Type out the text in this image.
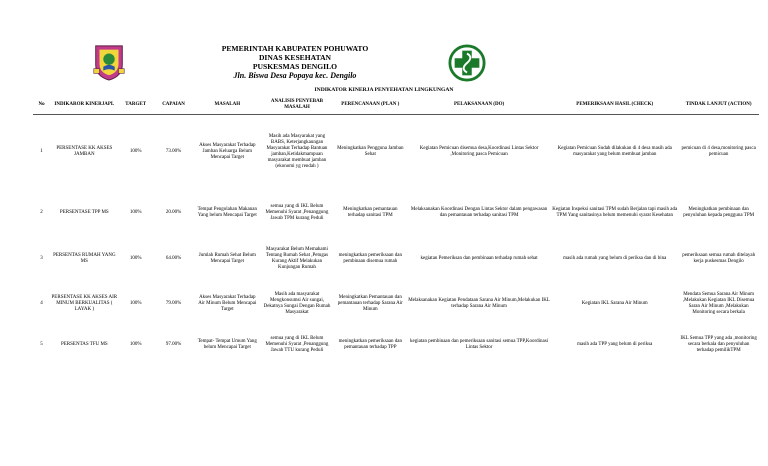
PEMERINTAH KABUPATEN POHUWATO
DINAS KESEHATAN
PUSKESMAS DENGILO
Jln. Biswa Desa Popaya kec. Dengilo
INDIKATOR KINERJA PENYEHATAN LINGKUNGAN
No	INDIKAROR KINERJAPL	TARGET	CAPAIAN	MASALAH	ANALISIS PENYEBAB MASALAH	PERENCANAAN (PLAN )	PELAKSANAAN (DO)	PEMERIKSAAN HASIL (CHECK)	TINDAK LANJUT (ACTION)
1	PERSENTASE KK AKSES JAMBAN	100%	73.00%	Akses Masyarakat Terhadap Jamban Keluarga Belum Mencapai Target	Masih ada Masyarakat yang BABS, Keterjangkaungan Masyarakat Terhadap Bantuan jamban,Ketidakmampuan masyarakat membuat jamban (ekonomi yg rendah )	Meningkatkan Pengguna Jamban Sehat	Kegiatan Pemicuan disemua desa,Koordinasi Lintas Sektor ,Monitoring pasca Pemicuan	Kegiatan Pemicuan Sudah dilakukan di 4 desa masih ada masyarakat yang belum membuat jamban	pemicuan di 4 desa,monitoring pasca pemicuan
2	PERSENTASE TPP MS	100%	20.00%	Tempat Pengolahan Makanan Yang belum Mencapai Target	semua yang di IKL Belum Memenuhi Syarat ,Penanggung Jawab TPM kurang Peduli	Meningkatkan pemantauan terhadap sanitasi TPM	Melaksanakan Koordinasi Dengan Lintas Sektor dalam pengawasan dan pemantauan terhadap sanitasi TPM	Kegiatan Inspeksi sanitasi TPM sudah Berjalan tapi masih ada TPM Yang sanitasinya belum memenuhi syarat Kesehatan	Meningkatkan pembinaan dan penyuluhan kepada pengguna TPM
3	PERSENTAS RUMAH YANG MS	100%	64.00%	Jumlah Rumah Sehat Belum Mencapai Target	Masyarakat Belum Memahami Tentang Rumah Sehat ,Petugas Kurang Aktif Melakukan Kunjungan Rumah	meningkatkan pemeriksaan dan pembinaan disemua rumah	kegiatan Pemeriksan dan pembinaan terhadap rumah sehat	masih ada rumah yang belum di periksa dan di bina	pemeriksaan semua rumah ditelayah kerja puskesmas Dengilo
4	PERSENTASE KK AKSES AIR MINUM BERKUALITAS ( LAYAK )	100%	79.00%	Akses Masyarakat Terhadap Air Minum Belum Mencapai Target	Masih ada masyarakat Mengkonsumsi Air sungai, Dekatnya Sungai Dengan Rumah Masyarakat	Meningkatkan Pemantauan dan pemantauan terhadap Sarana Air Minum	Melaksanakan Kegiatan Pendataan Sarana Air Minum,Melakukan IKL terhadap Sarana Air Minum	Kegiatan IKL Sarana Air Minum	Mendata Semua Sarana Air Minum ,Melakukan Kegiatan IKL Disemua Saran Air Minum ,Melakukan Monitoring secara berkala
5	PERSENTAS TFU MS	100%	97.00%	Tempat- Tempat Umum Yang belum Mencapai Target	semua yang di IKL Belum Memenuhi Syarat ,Penanggung Jawab TTU kurang Peduli	meningkatkan pemeriksaan dan pemantauan terhadap TPP	kegiatan pembinaan dan pemeriksaan sanitasi semua TPP,Koordinasi Lintas Sektor	masih ada TPP yang belum di periksa	IKL Semua TPP yang ada ,monitoring secara berkala dan penyuluhan terhadap pemilikTPM
